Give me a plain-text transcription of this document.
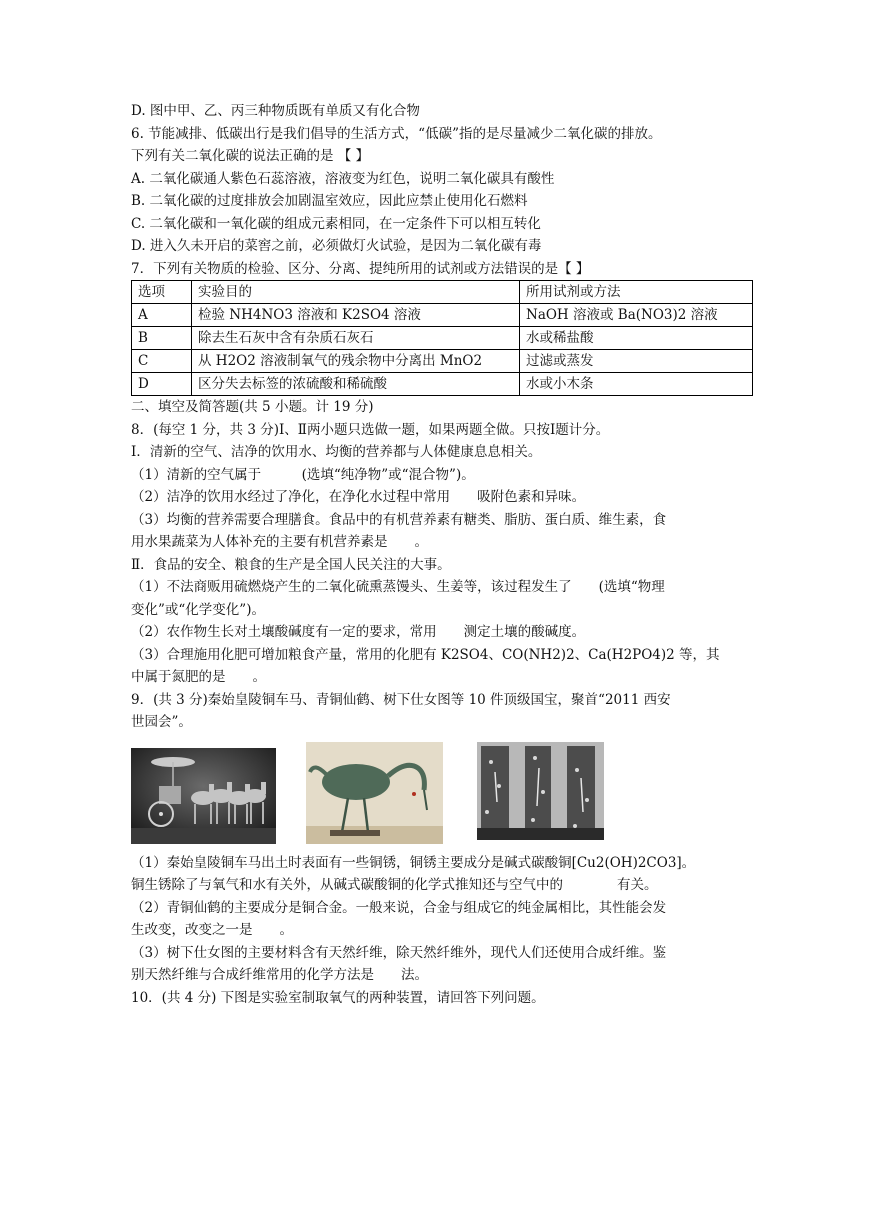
D. 图中甲、乙、丙三种物质既有单质又有化合物
6. 节能减排、低碳出行是我们倡导的生活方式，“低碳”指的是尽量减少二氧化碳的排放。
下列有关二氧化碳的说法正确的是 【 】
A. 二氧化碳通人紫色石蕊溶液，溶液变为红色，说明二氧化碳具有酸性
B. 二氧化碳的过度排放会加剧温室效应，因此应禁止使用化石燃料
C. 二氧化碳和一氧化碳的组成元素相同，在一定条件下可以相互转化
D. 进入久未开启的菜窖之前，必须做灯火试验，是因为二氧化碳有毒
7．下列有关物质的检验、区分、分离、提纯所用的试剂或方法错误的是【 】
选项	实验目的	所用试剂或方法
A	检验 NH4NO3 溶液和 K2SO4 溶液	NaOH 溶液或 Ba(NO3)2 溶液
B	除去生石灰中含有杂质石灰石	水或稀盐酸
C	从 H2O2 溶液制氧气的残余物中分离出 MnO2	过滤或蒸发
D	区分失去标签的浓硫酸和稀硫酸	水或小木条
二、填空及简答题(共 5 小题。计 19 分)
8．(每空 1 分，共 3 分)Ⅰ、Ⅱ两小题只选做一题，如果两题全做。只按Ⅰ题计分。
Ⅰ．清新的空气、洁净的饮用水、均衡的营养都与人体健康息息相关。
（1）清新的空气属于　　　(选填“纯净物”或“混合物”)。
（2）洁净的饮用水经过了净化，在净化水过程中常用　　吸附色素和异味。
（3）均衡的营养需要合理膳食。食品中的有机营养素有糖类、脂肪、蛋白质、维生素，食
用水果蔬菜为人体补充的主要有机营养素是　　。
Ⅱ．食品的安全、粮食的生产是全国人民关注的大事。
（1）不法商贩用硫燃烧产生的二氧化硫熏蒸馒头、生姜等，该过程发生了　　(选填“物理
变化”或“化学变化”)。
（2）农作物生长对土壤酸碱度有一定的要求，常用　　测定土壤的酸碱度。
（3）合理施用化肥可增加粮食产量，常用的化肥有 K2SO4、CO(NH2)2、Ca(H2PO4)2 等，其
中属于氮肥的是　　。
9．(共 3 分)秦始皇陵铜车马、青铜仙鹤、树下仕女图等 10 件顶级国宝，聚首“2011 西安
世园会”。
（1）秦始皇陵铜车马出土时表面有一些铜锈，铜锈主要成分是碱式碳酸铜[Cu2(OH)2CO3]。
铜生锈除了与氧气和水有关外，从碱式碳酸铜的化学式推知还与空气中的　　　　有关。
（2）青铜仙鹤的主要成分是铜合金。一般来说，合金与组成它的纯金属相比，其性能会发
生改变，改变之一是　　。
（3）树下仕女图的主要材料含有天然纤维，除天然纤维外，现代人们还使用合成纤维。鉴
别天然纤维与合成纤维常用的化学方法是　　法。
10．(共 4 分) 下图是实验室制取氧气的两种装置，请回答下列问题。
